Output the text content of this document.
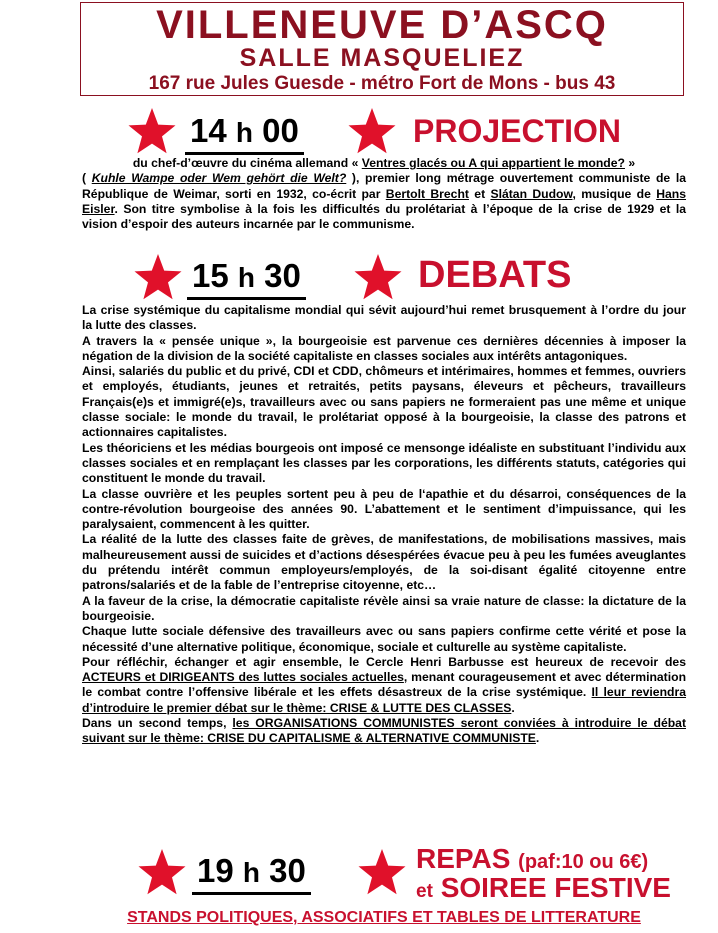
VILLENEUVE D’ASCQ
SALLE MASQUELIEZ
167 rue Jules Guesde - métro Fort de Mons - bus 43
14 h 00	PROJECTION

du chef-d’œuvre du cinéma allemand « Ventres glacés ou A qui appartient le monde? »

( Kuhle Wampe oder Wem gehört die Welt? ), premier long métrage ouvertement communiste de la République de Weimar, sorti en 1932, co-écrit par Bertolt Brecht et Slátan Dudow, musique de Hans Eisler. Son titre symbolise à la fois les difficultés du prolétariat à l’époque de la crise de 1929 et la vision d’espoir des auteurs incarnée par le communisme.

15 h 30	DEBATS

La crise systémique du capitalisme mondial qui sévit aujourd’hui remet brusquement à l’ordre du jour la lutte des classes.

A travers la « pensée unique », la bourgeoisie est parvenue ces dernières décennies à imposer la négation de la division de la société capitaliste en classes sociales aux intérêts antagoniques.

Ainsi, salariés du public et du privé, CDI et CDD, chômeurs et intérimaires, hommes et femmes, ouvriers et employés, étudiants, jeunes et retraités, petits paysans, éleveurs et pêcheurs, travailleurs Français(e)s et immigré(e)s, travailleurs avec ou sans papiers ne formeraient pas une même et unique classe sociale: le monde du travail, le prolétariat opposé à la bourgeoisie, la classe des patrons et actionnaires capitalistes.

Les théoriciens et les médias bourgeois ont imposé ce mensonge idéaliste en substituant l’individu aux classes sociales et en remplaçant les classes par les corporations, les différents statuts, catégories qui constituent le monde du travail.

La classe ouvrière et les peuples sortent peu à peu de l‘apathie et du désarroi, conséquences de la contre-révolution bourgeoise des années 90. L’abattement et le sentiment d’impuissance, qui les paralysaient, commencent à les quitter.

La réalité de la lutte des classes faite de grèves, de manifestations, de mobilisations massives, mais malheureusement aussi de suicides et d’actions désespérées évacue peu à peu les fumées aveuglantes du prétendu intérêt commun employeurs/employés, de la soi-disant égalité citoyenne entre patrons/salariés et de la fable de l’entreprise citoyenne, etc…

A la faveur de la crise, la démocratie capitaliste révèle ainsi sa vraie nature de classe: la dictature de la bourgeoisie.

Chaque lutte sociale défensive des travailleurs avec ou sans papiers confirme cette vérité et pose la nécessité d’une alternative politique, économique, sociale et culturelle au système capitaliste.

Pour réfléchir, échanger et agir ensemble, le Cercle Henri Barbusse est heureux de recevoir des ACTEURS et DIRIGEANTS des luttes sociales actuelles, menant courageusement et avec détermination le combat contre l’offensive libérale et les effets désastreux de la crise systémique. Il leur reviendra d’introduire le premier débat sur le thème: CRISE & LUTTE DES CLASSES.

Dans un second temps, les ORGANISATIONS COMMUNISTES seront conviées à introduire le débat suivant sur le thème: CRISE DU CAPITALISME & ALTERNATIVE COMMUNISTE.

19 h 30	REPAS (paf:10 ou 6€)
et SOIREE FESTIVE
STANDS POLITIQUES, ASSOCIATIFS ET TABLES DE LITTERATURE
